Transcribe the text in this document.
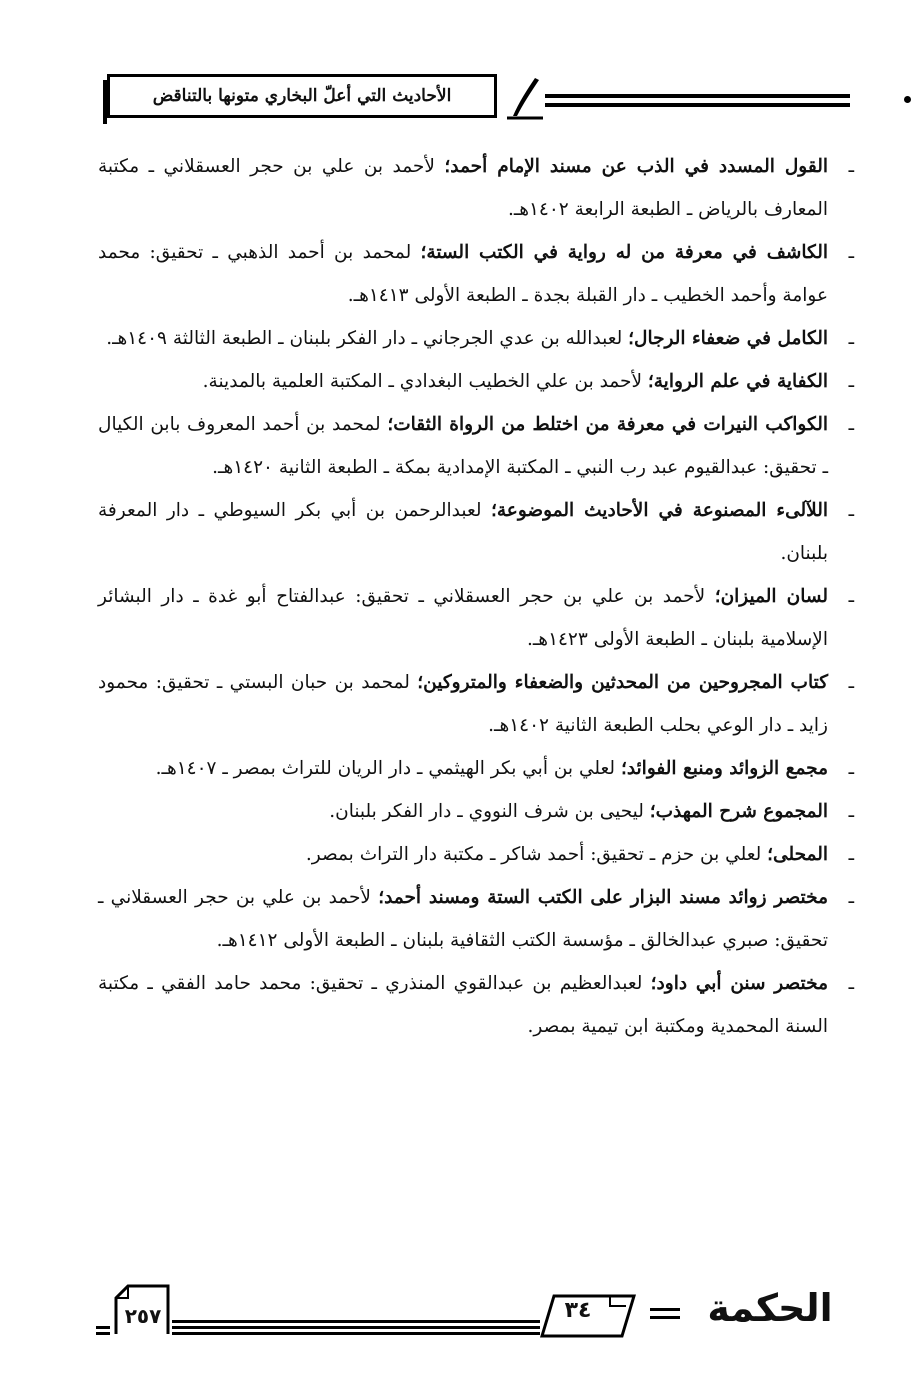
الأحاديث التي أعلّ البخاري متونها بالتناقض

ـ
القول المسدد في الذب عن مسند الإمام أحمد؛ لأحمد بن علي بن حجر العسقلاني ـ مكتبة المعارف بالرياض ـ الطبعة الرابعة ١٤٠٢هـ.

ـ
الكاشف في معرفة من له رواية في الكتب الستة؛ لمحمد بن أحمد الذهبي ـ تحقيق: محمد عوامة وأحمد الخطيب ـ دار القبلة بجدة ـ الطبعة الأولى ١٤١٣هـ.

ـ
الكامل في ضعفاء الرجال؛ لعبدالله بن عدي الجرجاني ـ دار الفكر بلبنان ـ الطبعة الثالثة ١٤٠٩هـ.

ـ
الكفاية في علم الرواية؛ لأحمد بن علي الخطيب البغدادي ـ المكتبة العلمية بالمدينة.

ـ
الكواكب النيرات في معرفة من اختلط من الرواة الثقات؛ لمحمد بن أحمد المعروف بابن الكيال ـ تحقيق: عبدالقيوم عبد رب النبي ـ المكتبة الإمدادية بمكة ـ الطبعة الثانية ١٤٢٠هـ.

ـ
اللآلىء المصنوعة في الأحاديث الموضوعة؛ لعبدالرحمن بن أبي بكر السيوطي ـ دار المعرفة بلبنان.

ـ
لسان الميزان؛ لأحمد بن علي بن حجر العسقلاني ـ تحقيق: عبدالفتاح أبو غدة ـ دار البشائر الإسلامية بلبنان ـ الطبعة الأولى ١٤٢٣هـ.

ـ
كتاب المجروحين من المحدثين والضعفاء والمتروكين؛ لمحمد بن حبان البستي ـ تحقيق: محمود زايد ـ دار الوعي بحلب الطبعة الثانية ١٤٠٢هـ.

ـ
مجمع الزوائد ومنبع الفوائد؛ لعلي بن أبي بكر الهيثمي ـ دار الريان للتراث بمصر ـ ١٤٠٧هـ.

ـ
المجموع شرح المهذب؛ ليحيى بن شرف النووي ـ دار الفكر بلبنان.

ـ
المحلى؛ لعلي بن حزم ـ تحقيق: أحمد شاكر ـ مكتبة دار التراث بمصر.

ـ
مختصر زوائد مسند البزار على الكتب الستة ومسند أحمد؛ لأحمد بن علي بن حجر العسقلاني ـ تحقيق: صبري عبدالخالق ـ مؤسسة الكتب الثقافية بلبنان ـ الطبعة الأولى ١٤١٢هـ.

ـ
مختصر سنن أبي داود؛ لعبدالعظيم بن عبدالقوي المنذري ـ تحقيق: محمد حامد الفقي ـ مكتبة السنة المحمدية ومكتبة ابن تيمية بمصر.

٢٥٧	٣٤	الحكمة
